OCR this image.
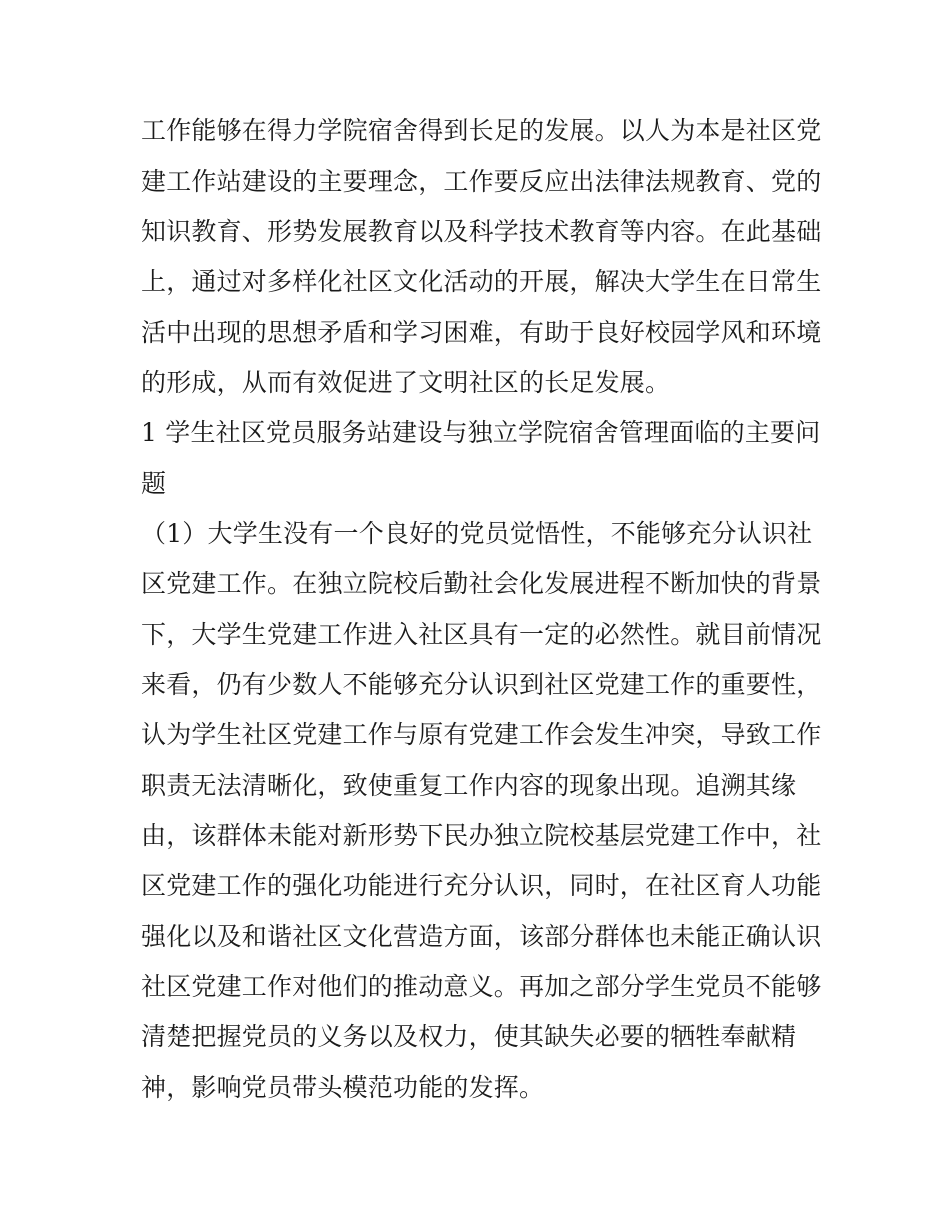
工作能够在得力学院宿舍得到长足的发展。以人为本是社区党
建工作站建设的主要理念，工作要反应出法律法规教育、党的
知识教育、形势发展教育以及科学技术教育等内容。在此基础
上，通过对多样化社区文化活动的开展，解决大学生在日常生
活中出现的思想矛盾和学习困难，有助于良好校园学风和环境
的形成，从而有效促进了文明社区的长足发展。
1 学生社区党员服务站建设与独立学院宿舍管理面临的主要问
题
（1）大学生没有一个良好的党员觉悟性，不能够充分认识社
区党建工作。在独立院校后勤社会化发展进程不断加快的背景
下，大学生党建工作进入社区具有一定的必然性。就目前情况
来看，仍有少数人不能够充分认识到社区党建工作的重要性，
认为学生社区党建工作与原有党建工作会发生冲突，导致工作
职责无法清晰化，致使重复工作内容的现象出现。追溯其缘
由，该群体未能对新形势下民办独立院校基层党建工作中，社
区党建工作的强化功能进行充分认识，同时，在社区育人功能
强化以及和谐社区文化营造方面，该部分群体也未能正确认识
社区党建工作对他们的推动意义。再加之部分学生党员不能够
清楚把握党员的义务以及权力，使其缺失必要的牺牲奉献精
神，影响党员带头模范功能的发挥。
